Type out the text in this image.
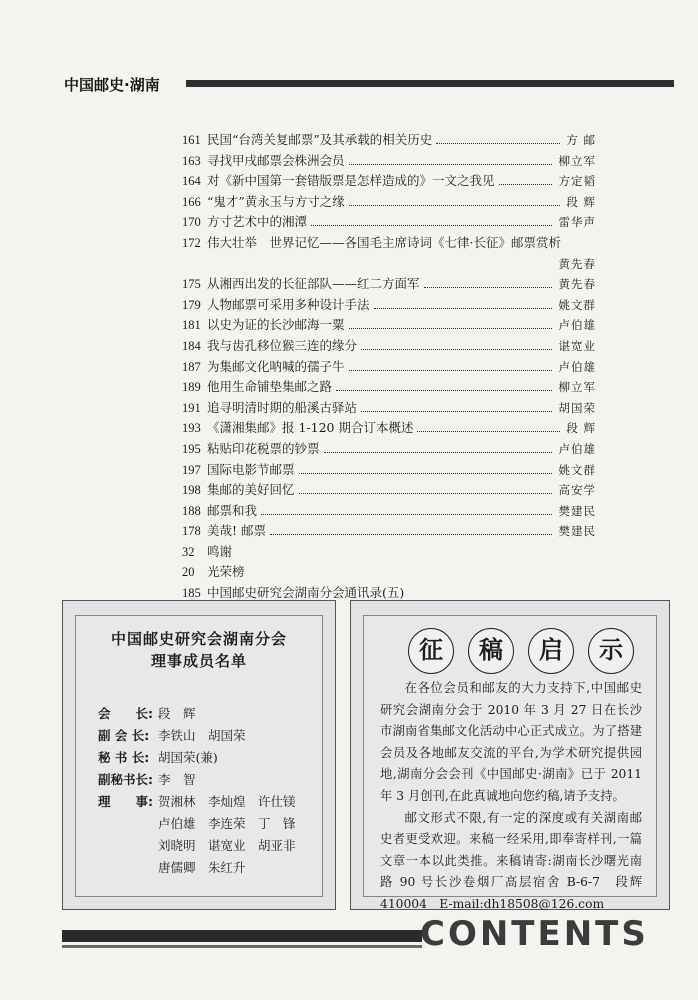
中国邮史·湖南
161 民国“台湾关复邮票”及其承载的相关历史	方 邮
163 寻找甲戌邮票会株洲会员	柳立军
164 对《新中国第一套错版票是怎样造成的》一文之我见	方定韬
166 “鬼才”黄永玉与方寸之缘	段 辉
170 方寸艺术中的湘潭	雷华声
172 伟大壮举　世界记忆——各国毛主席诗词《七律·长征》邮票赏析
黄先春
175 从湘西出发的长征部队——红二方面军	黄先春
179 人物邮票可采用多种设计手法	姚文群
181 以史为证的长沙邮海一粟	卢伯雄
184 我与齿孔移位猴三连的缘分	谌宽业
187 为集邮文化呐喊的孺子牛	卢伯雄
189 他用生命铺垫集邮之路	柳立军
191 追寻明清时期的船溪古驿站	胡国荣
193 《潇湘集邮》报 1-120 期合订本概述	段 辉
195 粘贴印花税票的钞票	卢伯雄
197 国际电影节邮票	姚文群
198 集邮的美好回忆	高安学
188 邮票和我	樊建民
178 美哉! 邮票	樊建民
32	鸣谢
20	光荣榜
185 中国邮史研究会湖南分会通讯录(五)
中国邮史研究会湖南分会
理事成员名单
会　　长: 段　辉
副 会 长: 李铁山　胡国荣
秘 书 长: 胡国荣(兼)
副秘书长: 李　智
理　　事: 贺湘林　李灿煌　许仕镁
卢伯雄　李连荣　丁　锋
刘晓明　谌宽业　胡亚非
唐儒卿　朱红升
征	稿	启	示

在各位会员和邮友的大力支持下,中国邮史研究会湖南分会于 2010 年 3 月 27 日在长沙市湖南省集邮文化活动中心正式成立。为了搭建会员及各地邮友交流的平台,为学术研究提供园地,湖南分会会刊《中国邮史·湖南》已于 2011 年 3 月创刊,在此真诚地向您约稿,请予支持。

邮文形式不限,有一定的深度或有关湖南邮史者更受欢迎。来稿一经采用,即奉寄样刊,一篇文章一本以此类推。来稿请寄:湖南长沙曙光南路 90 号长沙卷烟厂高层宿舍 B-6-7　段辉 410004　E-mail:dh18508@126.com

CONTENTS
